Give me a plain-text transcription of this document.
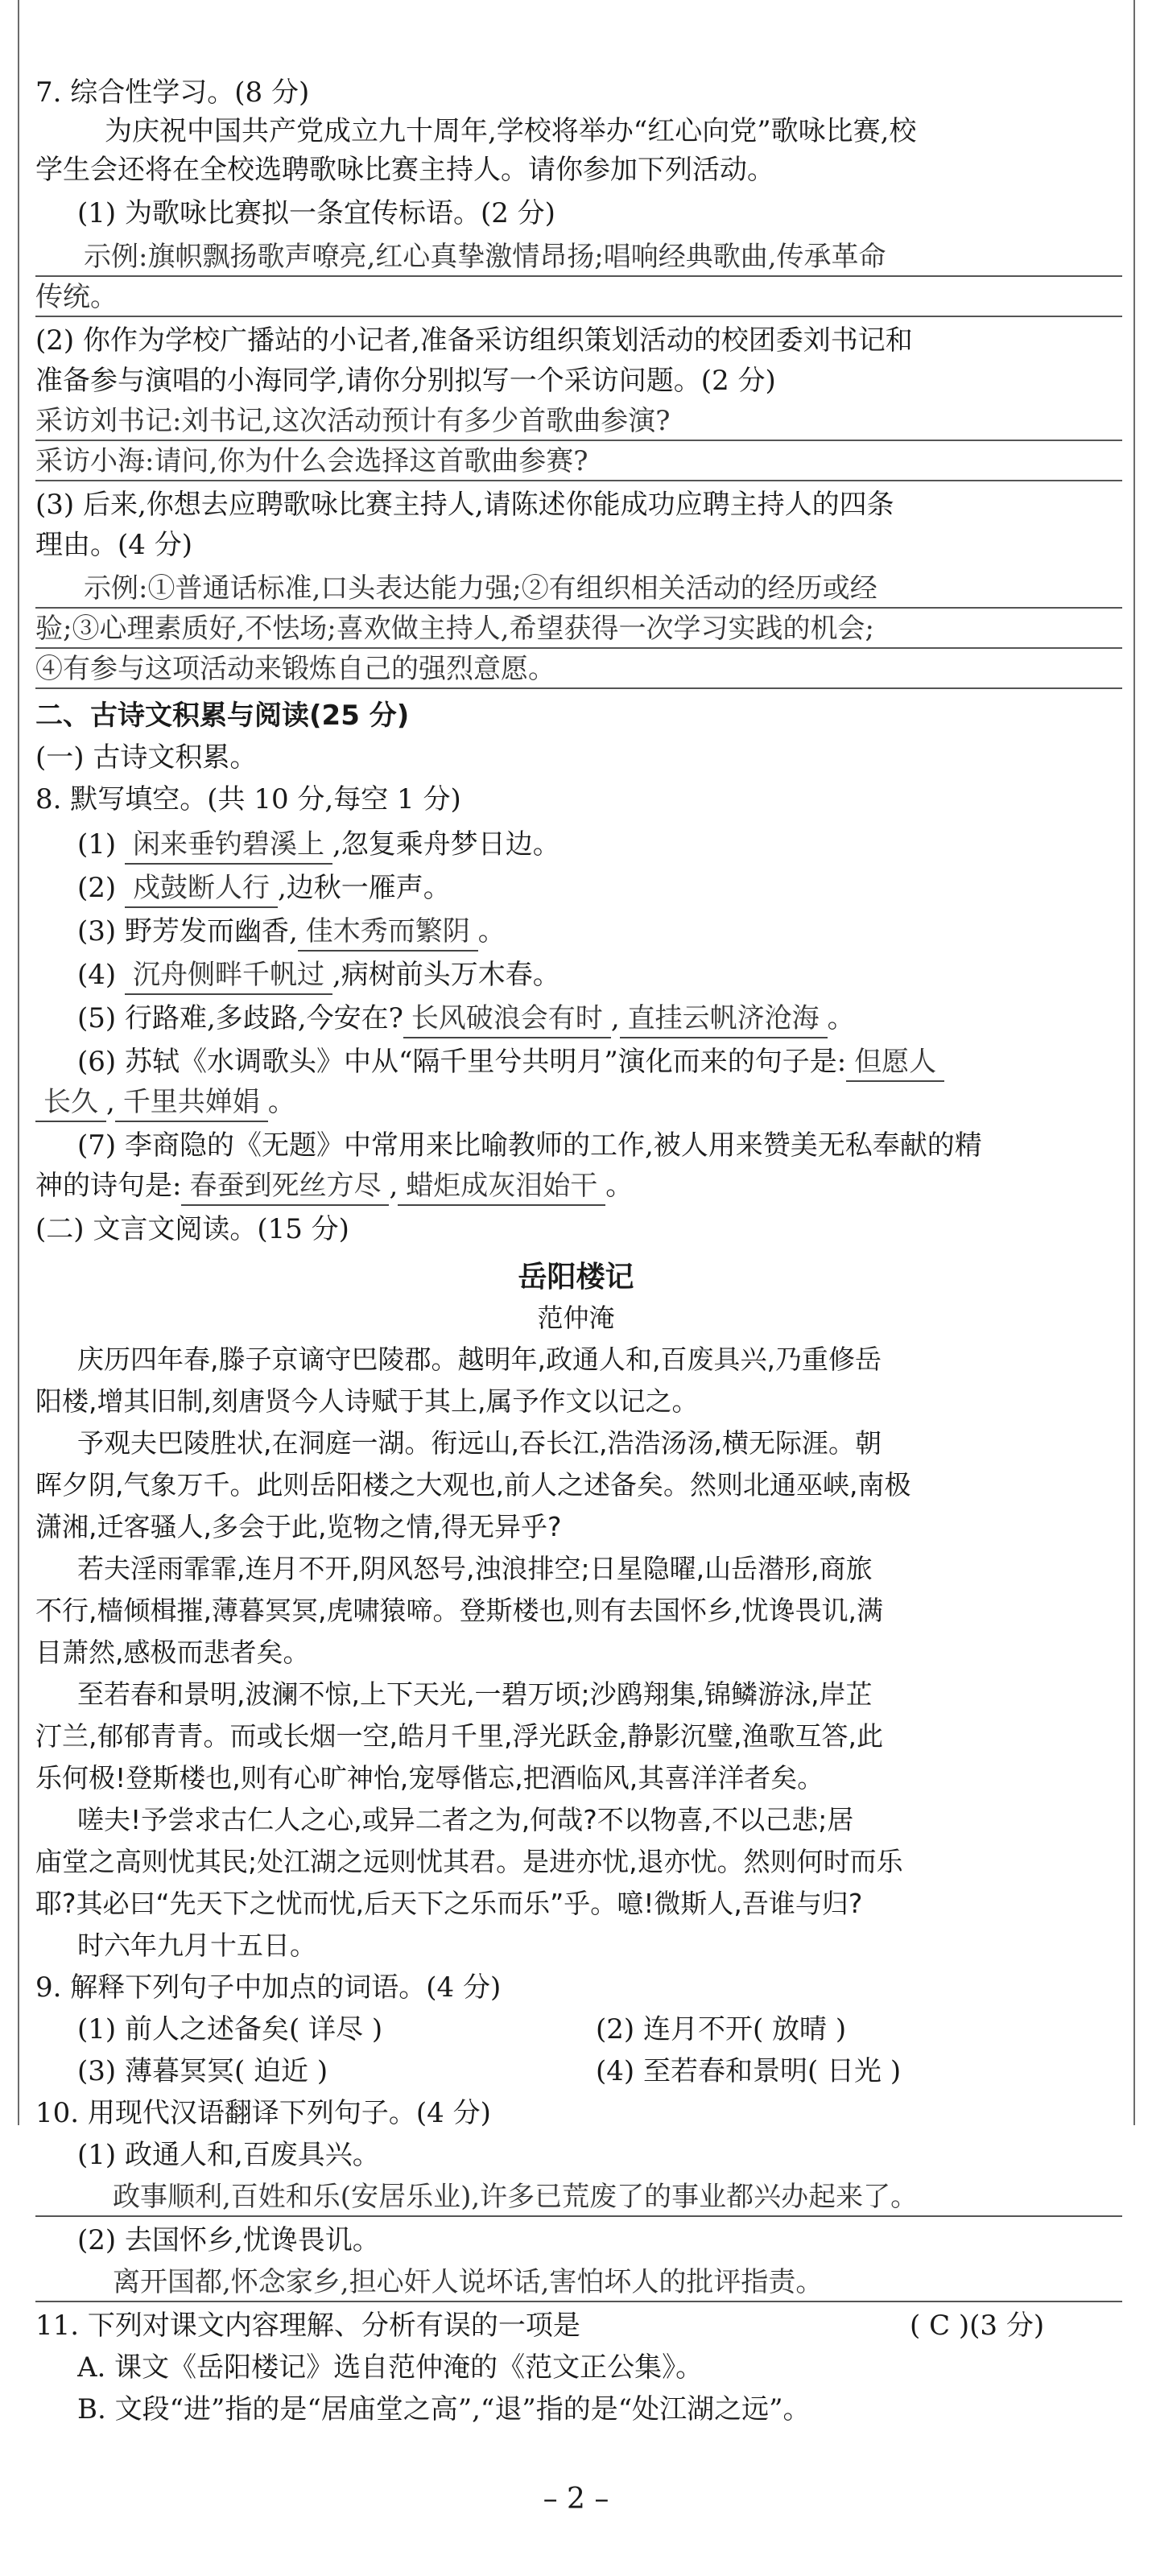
7. 综合性学习。(8 分)
为庆祝中国共产党成立九十周年,学校将举办“红心向党”歌咏比赛,校
学生会还将在全校选聘歌咏比赛主持人。请你参加下列活动。
(1) 为歌咏比赛拟一条宜传标语。(2 分)
示例:旗帜飘扬歌声嘹亮,红心真挚激情昂扬;唱响经典歌曲,传承革命
传统。
(2) 你作为学校广播站的小记者,准备采访组织策划活动的校团委刘书记和
准备参与演唱的小海同学,请你分别拟写一个采访问题。(2 分)
采访刘书记:刘书记,这次活动预计有多少首歌曲参演?
采访小海:请问,你为什么会选择这首歌曲参赛?
(3) 后来,你想去应聘歌咏比赛主持人,请陈述你能成功应聘主持人的四条
理由。(4 分)
示例:①普通话标准,口头表达能力强;②有组织相关活动的经历或经
验;③心理素质好,不怯场;喜欢做主持人,希望获得一次学习实践的机会;
④有参与这项活动来锻炼自己的强烈意愿。
二、古诗文积累与阅读(25 分)
(一) 古诗文积累。
8. 默写填空。(共 10 分,每空 1 分)
(1) 闲来垂钓碧溪上 ,忽复乘舟梦日边。
(2) 戍鼓断人行 ,边秋一雁声。
(3) 野芳发而幽香, 佳木秀而繁阴 。
(4) 沉舟侧畔千帆过 ,病树前头万木春。
(5) 行路难,多歧路,今安在? 长风破浪会有时 , 直挂云帆济沧海 。
(6) 苏轼《水调歌头》中从“隔千里兮共明月”演化而来的句子是: 但愿人
长久 , 千里共婵娟 。
(7) 李商隐的《无题》中常用来比喻教师的工作,被人用来赞美无私奉献的精
神的诗句是: 春蚕到死丝方尽 , 蜡炬成灰泪始干 。
(二) 文言文阅读。(15 分)
岳阳楼记
范仲淹
庆历四年春,滕子京谪守巴陵郡。越明年,政通人和,百废具兴,乃重修岳
阳楼,增其旧制,刻唐贤今人诗赋于其上,属予作文以记之。
予观夫巴陵胜状,在洞庭一湖。衔远山,吞长江,浩浩汤汤,横无际涯。朝
晖夕阴,气象万千。此则岳阳楼之大观也,前人之述备矣。然则北通巫峡,南极
潇湘,迁客骚人,多会于此,览物之情,得无异乎?
若夫淫雨霏霏,连月不开,阴风怒号,浊浪排空;日星隐曜,山岳潜形,商旅
不行,樯倾楫摧,薄暮冥冥,虎啸猿啼。登斯楼也,则有去国怀乡,忧谗畏讥,满
目萧然,感极而悲者矣。
至若春和景明,波澜不惊,上下天光,一碧万顷;沙鸥翔集,锦鳞游泳,岸芷
汀兰,郁郁青青。而或长烟一空,皓月千里,浮光跃金,静影沉璧,渔歌互答,此
乐何极!登斯楼也,则有心旷神怡,宠辱偕忘,把酒临风,其喜洋洋者矣。
嗟夫!予尝求古仁人之心,或异二者之为,何哉?不以物喜,不以己悲;居
庙堂之高则忧其民;处江湖之远则忧其君。是进亦忧,退亦忧。然则何时而乐
耶?其必曰“先天下之忧而忧,后天下之乐而乐”乎。噫!微斯人,吾谁与归?
时六年九月十五日。
9. 解释下列句子中加点的词语。(4 分)
(1) 前人之述备矣( 详尽 )	(2) 连月不开( 放晴 )
(3) 薄暮冥冥( 迫近 )	(4) 至若春和景明( 日光 )
10. 用现代汉语翻译下列句子。(4 分)
(1) 政通人和,百废具兴。
政事顺利,百姓和乐(安居乐业),许多已荒废了的事业都兴办起来了。
(2) 去国怀乡,忧谗畏讥。
离开国都,怀念家乡,担心奸人说坏话,害怕坏人的批评指责。
11. 下列对课文内容理解、分析有误的一项是	( C )(3 分)
A. 课文《岳阳楼记》选自范仲淹的《范文正公集》。
B. 文段“进”指的是“居庙堂之高”,“退”指的是“处江湖之远”。
– 2 –
